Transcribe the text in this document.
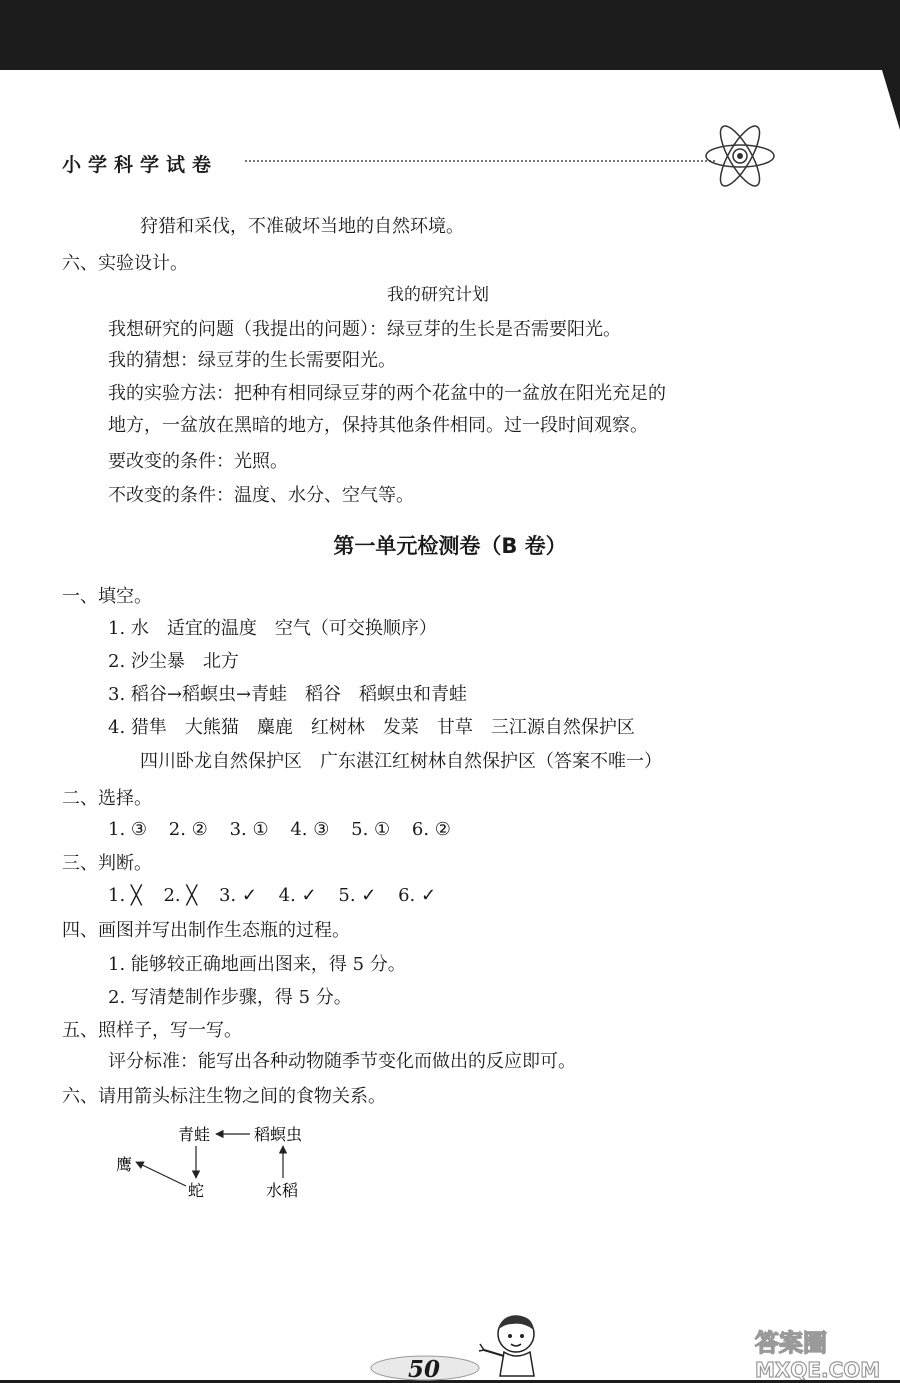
小学科学试卷
狩猎和采伐，不准破坏当地的自然环境。
六、实验设计。
我的研究计划
我想研究的问题（我提出的问题）：绿豆芽的生长是否需要阳光。
我的猜想：绿豆芽的生长需要阳光。
我的实验方法：把种有相同绿豆芽的两个花盆中的一盆放在阳光充足的
地方，一盆放在黑暗的地方，保持其他条件相同。过一段时间观察。
要改变的条件：光照。
不改变的条件：温度、水分、空气等。
第一单元检测卷（B 卷）
一、填空。
1. 水　适宜的温度　空气（可交换顺序）
2. 沙尘暴　北方
3. 稻谷→稻螟虫→青蛙　稻谷　稻螟虫和青蛙
4. 猎隼　大熊猫　麋鹿　红树林　发菜　甘草　三江源自然保护区
四川卧龙自然保护区　广东湛江红树林自然保护区（答案不唯一）
二、选择。
1. ③ 2. ② 3. ① 4. ③ 5. ① 6. ②
三、判断。
1. ╳ 2. ╳ 3. ✓ 4. ✓ 5. ✓ 6. ✓
四、画图并写出制作生态瓶的过程。
1. 能够较正确地画出图来，得 5 分。
2. 写清楚制作步骤，得 5 分。
五、照样子，写一写。
评分标准：能写出各种动物随季节变化而做出的反应即可。
六、请用箭头标注生物之间的食物关系。
青蛙	稻螟虫
鹰
蛇	水稻
50
答案圈
MXQE.COM
